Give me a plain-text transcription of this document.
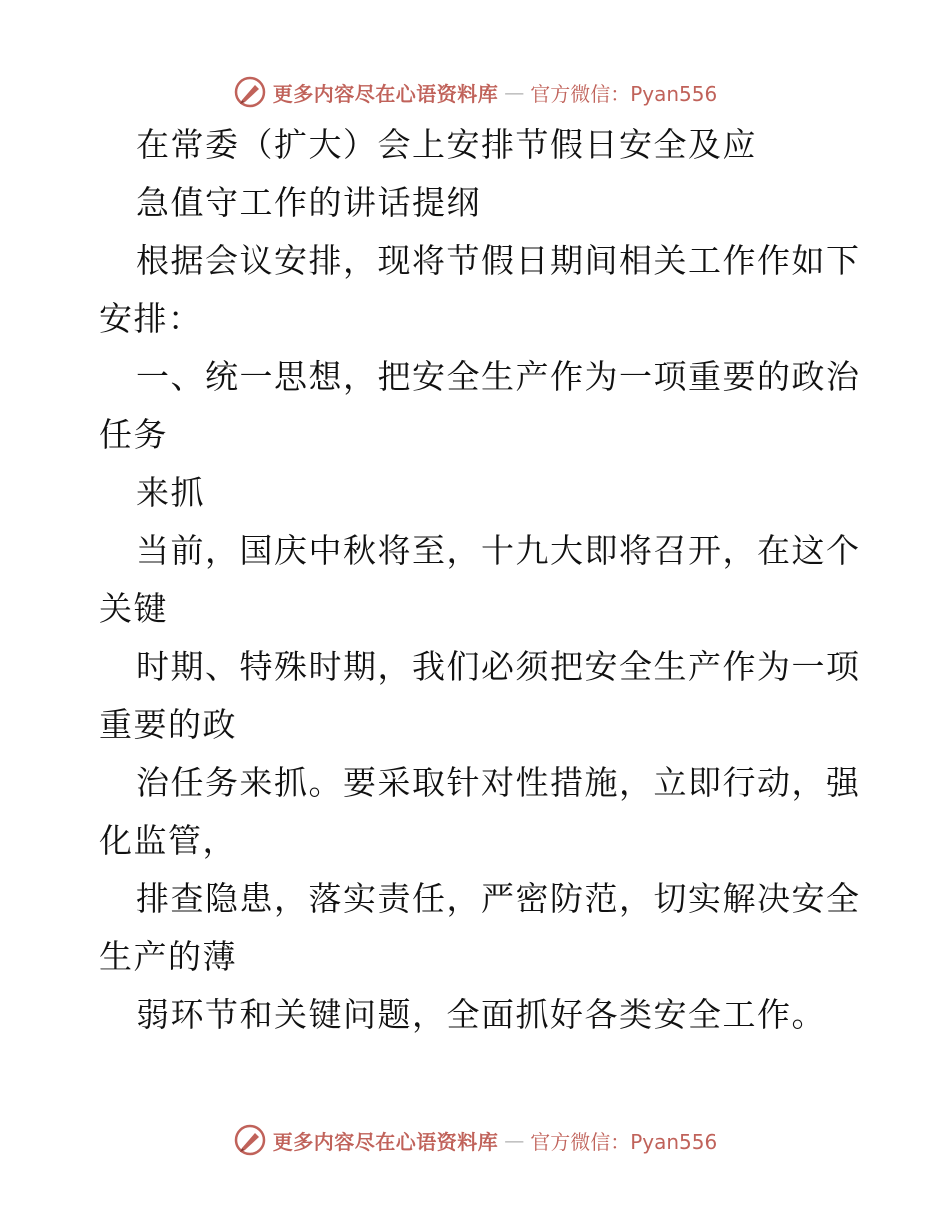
更多内容尽在心语资料库 — 官方微信：Pyan556
在常委（扩大）会上安排节假日安全及应
急值守工作的讲话提纲
根据会议安排，现将节假日期间相关工作作如下
安排：
一、统一思想，把安全生产作为一项重要的政治
任务
来抓
当前，国庆中秋将至，十九大即将召开，在这个
关键
时期、特殊时期，我们必须把安全生产作为一项
重要的政
治任务来抓。要采取针对性措施，立即行动，强
化监管，
排查隐患，落实责任，严密防范，切实解决安全
生产的薄
弱环节和关键问题，全面抓好各类安全工作。
更多内容尽在心语资料库 — 官方微信：Pyan556
